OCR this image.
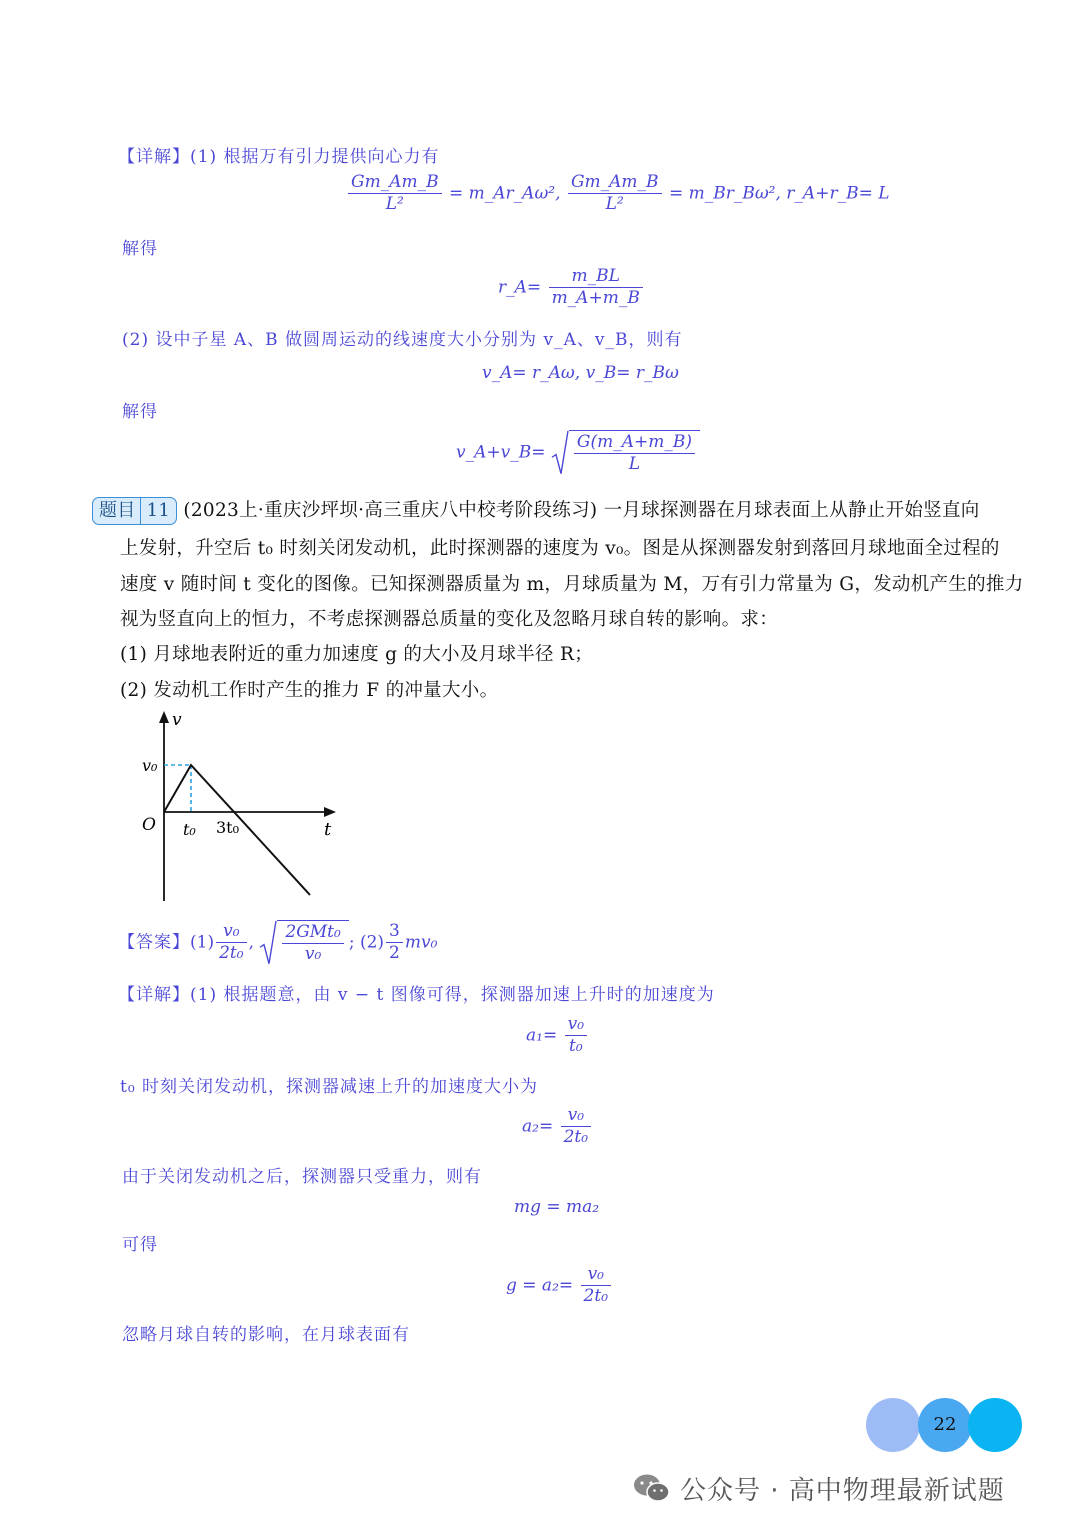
【详解】(1) 根据万有引力提供向心力有
$\frac{Gm\_Am\_B}{\text{L²}}$ = m_Ar_Aω², $\frac{Gm\_Am\_B}{\text{L²}}$ = m_Br_Bω², r_A+r_B= L
解得
r_A= $\frac{m\_BL}{m\_A+m\_B}$
(2) 设中子星 A、B 做圆周运动的线速度大小分别为 v_A、v_B，则有
v_A= r_Aω, v_B= r_Bω
解得
v_A+v_B= $\frac{G(m\_A+m\_B)}{L}$
题目 11 (2023上·重庆沙坪坝·高三重庆八中校考阶段练习) 一月球探测器在月球表面上从静止开始竖直向
上发射，升空后 t₀ 时刻关闭发动机，此时探测器的速度为 v₀。图是从探测器发射到落回月球地面全过程的
速度 v 随时间 t 变化的图像。已知探测器质量为 m，月球质量为 M，万有引力常量为 G，发动机产生的推力
视为竖直向上的恒力，不考虑探测器总质量的变化及忽略月球自转的影响。求：
(1) 月球地表附近的重力加速度 g 的大小及月球半径 R；
(2) 发动机工作时产生的推力 F 的冲量大小。
v
t
O
v₀
t₀ 3t₀
【答案】$(1) \frac{\text{v₀}}{\text{2t₀}}$ , $\frac{\text{2GMt₀}}{\text{v₀}}$ ; $(2) \frac{3}{2} mv_0$
【详解】(1) 根据题意，由 v − t 图像可得，探测器加速上升时的加速度为
$a_1= \frac{\text{v₀}}{\text{t₀}}$
t₀ 时刻关闭发动机，探测器减速上升的加速度大小为
$a_2= \frac{\text{v₀}}{\text{2t₀}}$
由于关闭发动机之后，探测器只受重力，则有
mg = ma₂
可得
$g = a_2= \frac{\text{v₀}}{\text{2t₀}}$
忽略月球自转的影响，在月球表面有
22
公众号 · 高中物理最新试题
